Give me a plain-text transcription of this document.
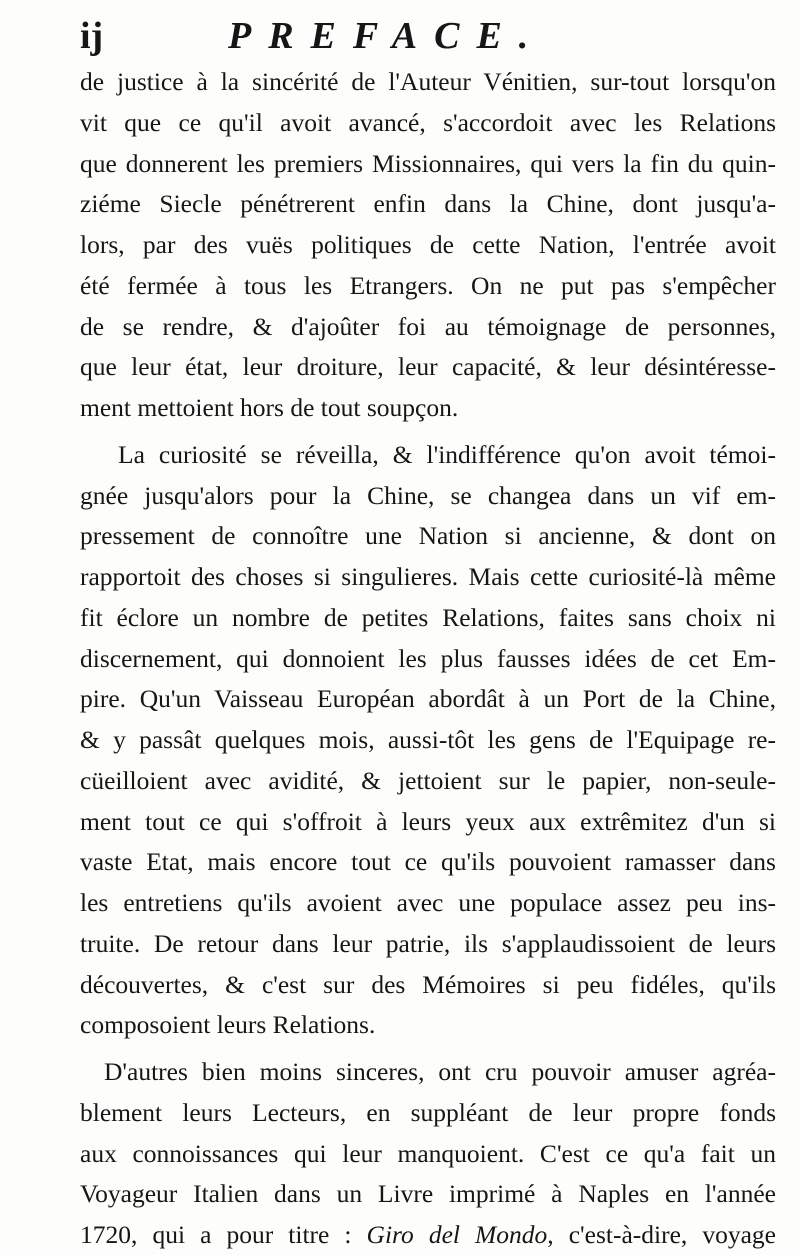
ij	PREFACE.
de justice à la sincérité de l'Auteur Vénitien, sur-tout lorsqu'on
vit que ce qu'il avoit avancé, s'accordoit avec les Relations
que donnerent les premiers Missionnaires, qui vers la fin du quin-
ziéme Siecle pénétrerent enfin dans la Chine, dont jusqu'a-
lors, par des vuës politiques de cette Nation, l'entrée avoit
été fermée à tous les Etrangers. On ne put pas s'empêcher
de se rendre, & d'ajoûter foi au témoignage de personnes,
que leur état, leur droiture, leur capacité, & leur désintéresse-
ment mettoient hors de tout soupçon.
La curiosité se réveilla, & l'indifférence qu'on avoit témoi-
gnée jusqu'alors pour la Chine, se changea dans un vif em-
pressement de connoître une Nation si ancienne, & dont on
rapportoit des choses si singulieres. Mais cette curiosité-là même
fit éclore un nombre de petites Relations, faites sans choix ni
discernement, qui donnoient les plus fausses idées de cet Em-
pire. Qu'un Vaisseau Européan abordât à un Port de la Chine,
& y passât quelques mois, aussi-tôt les gens de l'Equipage re-
cüeilloient avec avidité, & jettoient sur le papier, non-seule-
ment tout ce qui s'offroit à leurs yeux aux extrêmitez d'un si
vaste Etat, mais encore tout ce qu'ils pouvoient ramasser dans
les entretiens qu'ils avoient avec une populace assez peu ins-
truite. De retour dans leur patrie, ils s'applaudissoient de leurs
découvertes, & c'est sur des Mémoires si peu fidéles, qu'ils
composoient leurs Relations.
D'autres bien moins sinceres, ont cru pouvoir amuser agréa-
blement leurs Lecteurs, en suppléant de leur propre fonds
aux connoissances qui leur manquoient. C'est ce qu'a fait un
Voyageur Italien dans un Livre imprimé à Naples en l'année
1720, qui a pour titre : Giro del Mondo, c'est-à-dire, voyage
